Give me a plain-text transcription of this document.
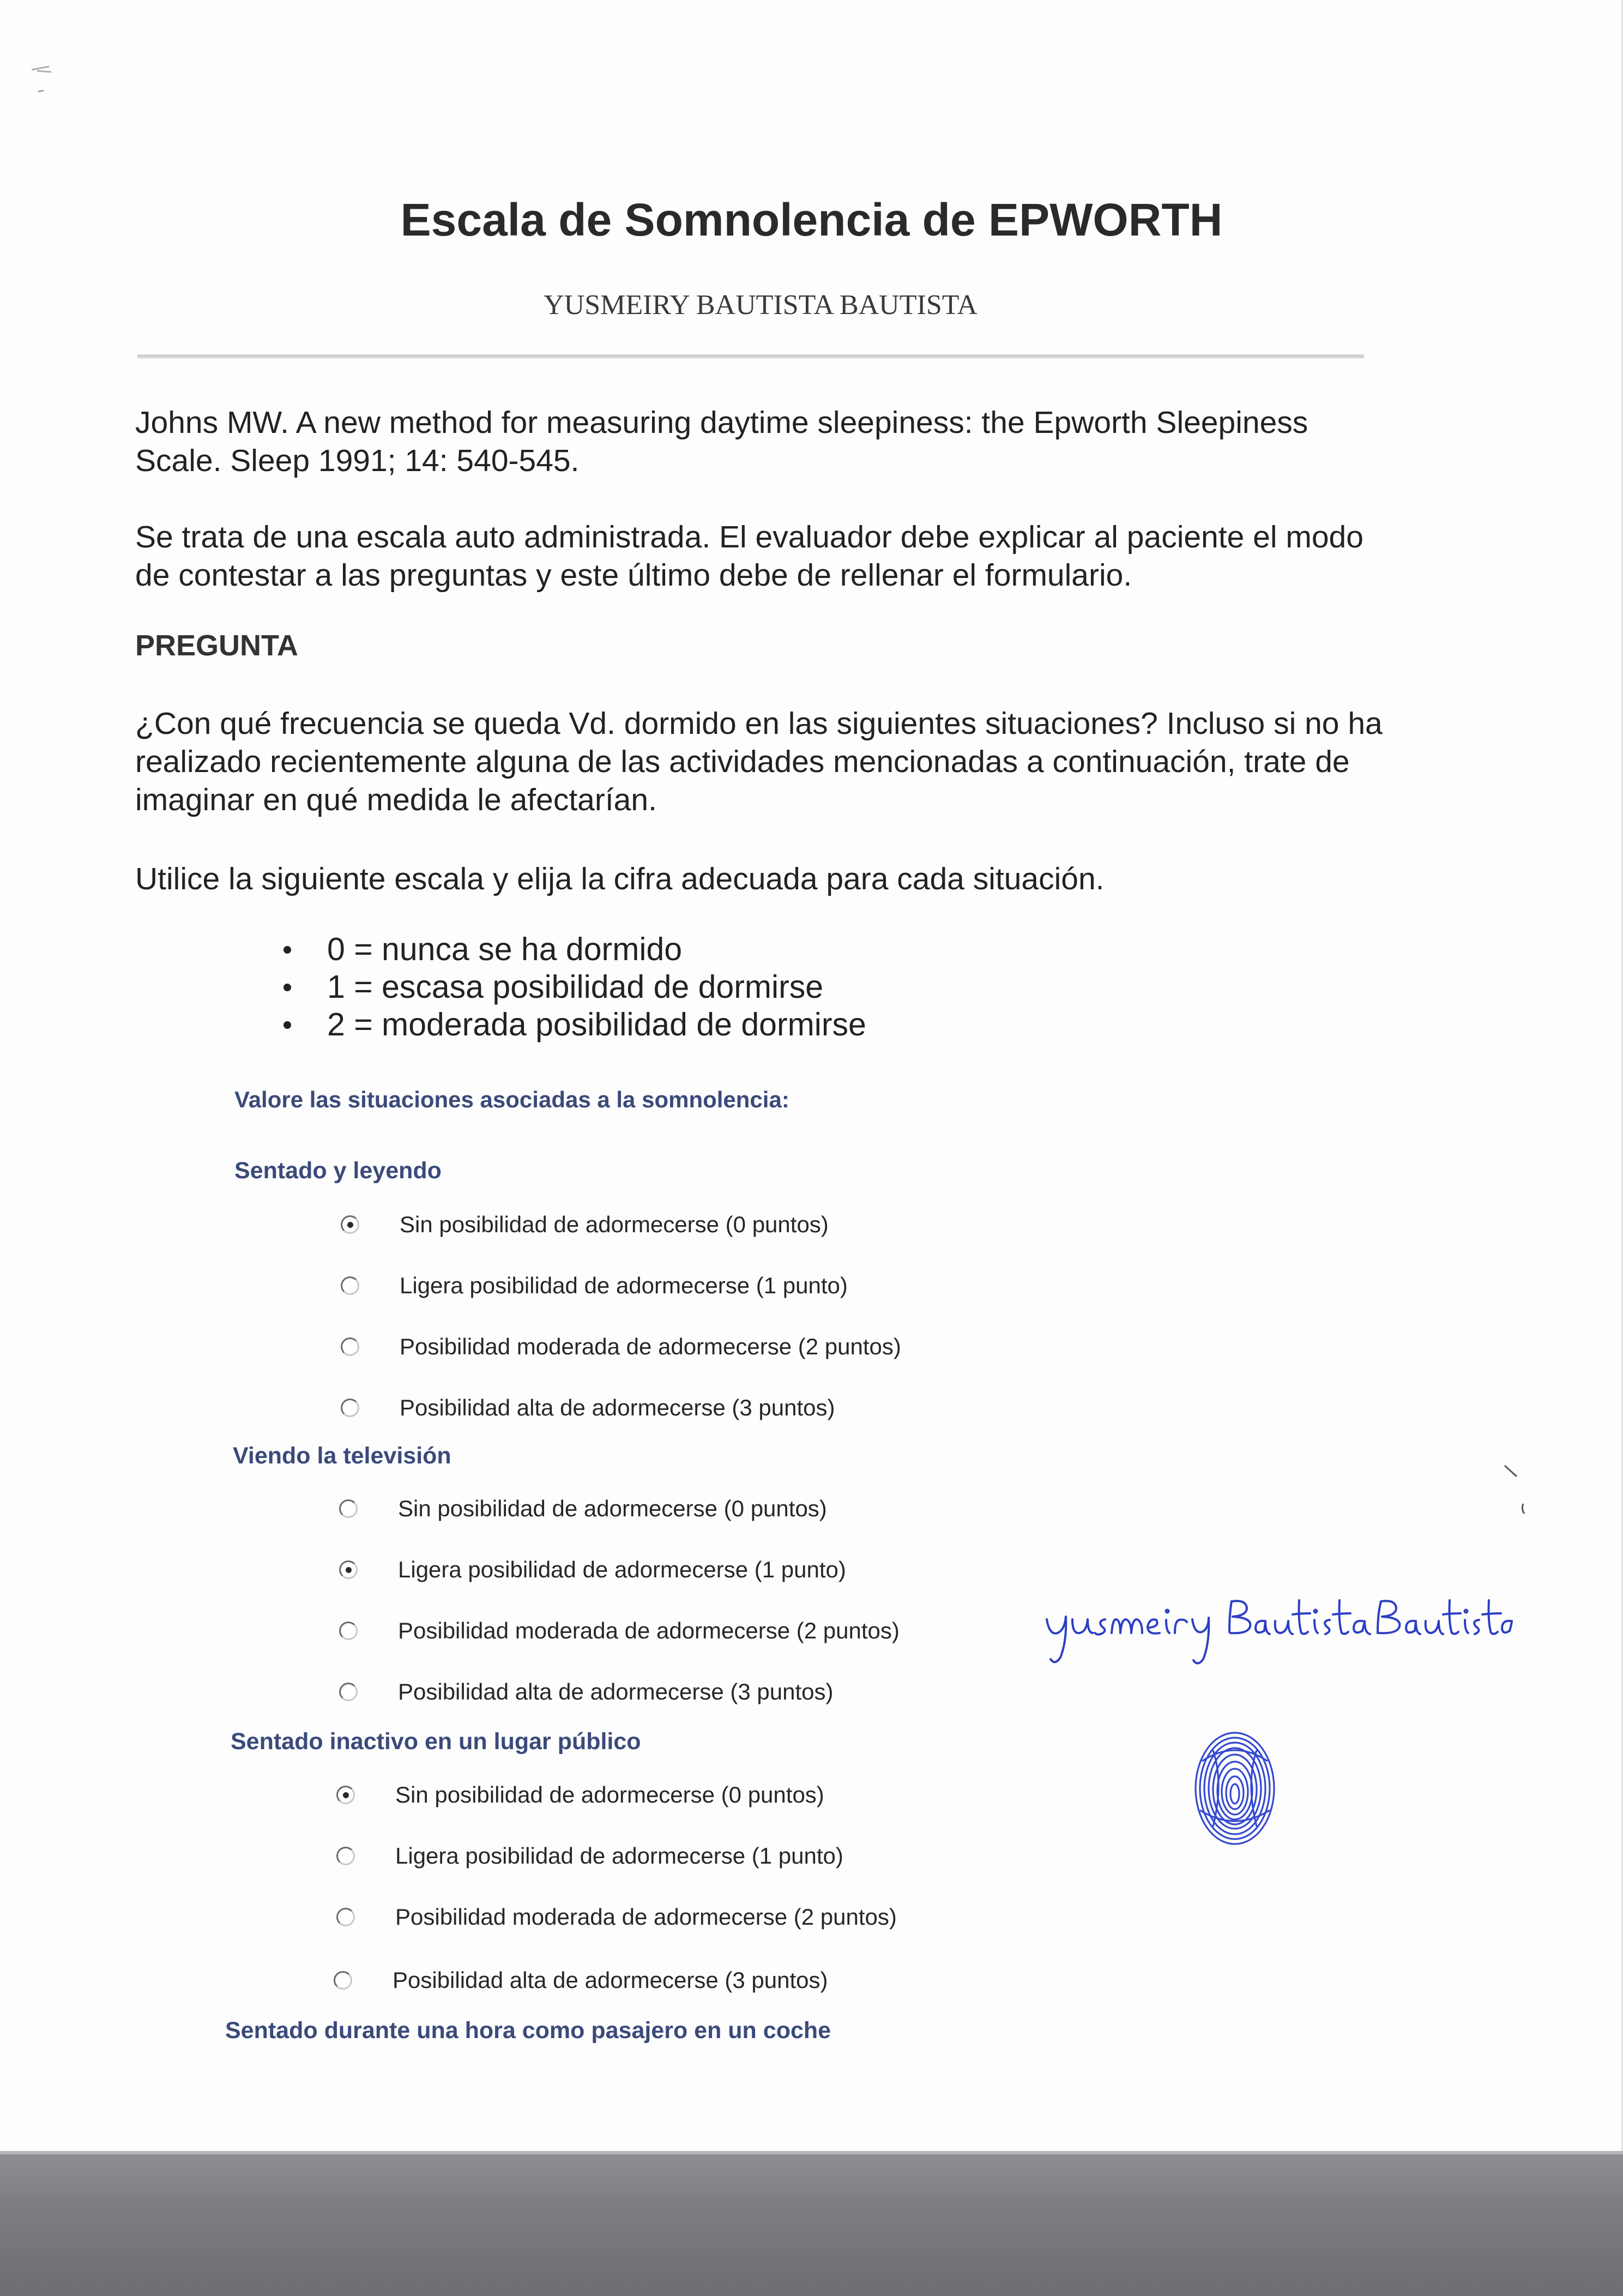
Escala de Somnolencia de EPWORTH
YUSMEIRY BAUTISTA BAUTISTA
Johns MW. A new method for measuring daytime sleepiness: the Epworth Sleepiness Scale. Sleep 1991; 14: 540-545.
Se trata de una escala auto administrada. El evaluador debe explicar al paciente el modo de contestar a las preguntas y este último debe de rellenar el formulario.
PREGUNTA
¿Con qué frecuencia se queda Vd. dormido en las siguientes situaciones? Incluso si no ha realizado recientemente alguna de las actividades mencionadas a continuación, trate de imaginar en qué medida le afectarían.
Utilice la siguiente escala y elija la cifra adecuada para cada situación.
0 = nunca se ha dormido
1 = escasa posibilidad de dormirse
2 = moderada posibilidad de dormirse
Valore las situaciones asociadas a la somnolencia:
Sentado y leyendo
Sin posibilidad de adormecerse (0 puntos)
Ligera posibilidad de adormecerse (1 punto)
Posibilidad moderada de adormecerse (2 puntos)
Posibilidad alta de adormecerse (3 puntos)
Viendo la televisión
Sin posibilidad de adormecerse (0 puntos)
Ligera posibilidad de adormecerse (1 punto)
Posibilidad moderada de adormecerse (2 puntos)
Posibilidad alta de adormecerse (3 puntos)
Sentado inactivo en un lugar público
Sin posibilidad de adormecerse (0 puntos)
Ligera posibilidad de adormecerse (1 punto)
Posibilidad moderada de adormecerse (2 puntos)
Posibilidad alta de adormecerse (3 puntos)
Sentado durante una hora como pasajero en un coche
